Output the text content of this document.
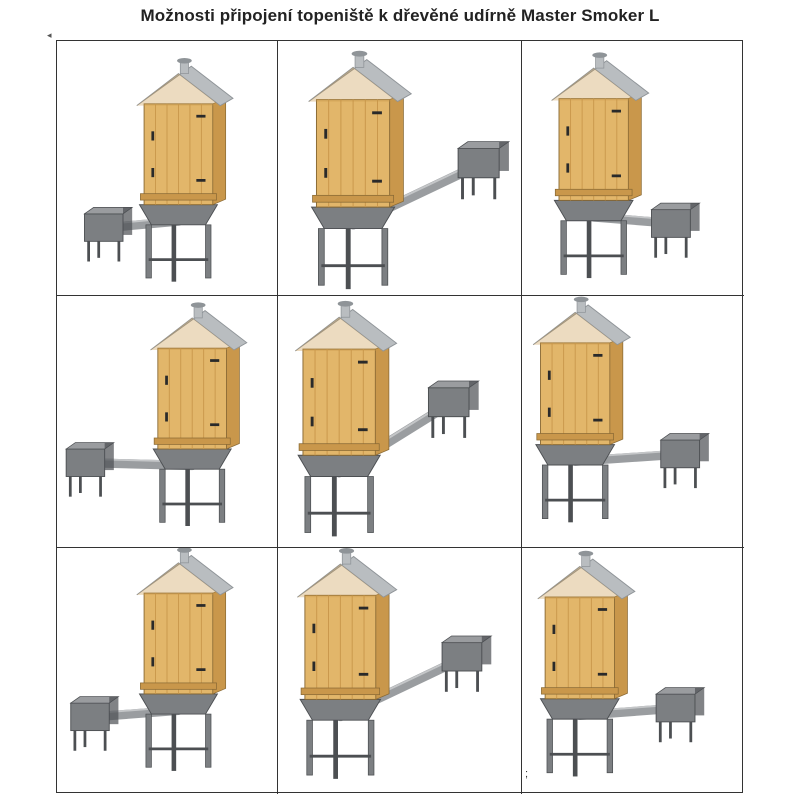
Možnosti připojení topeniště k dřevěné udírně Master Smoker L
◂
;
